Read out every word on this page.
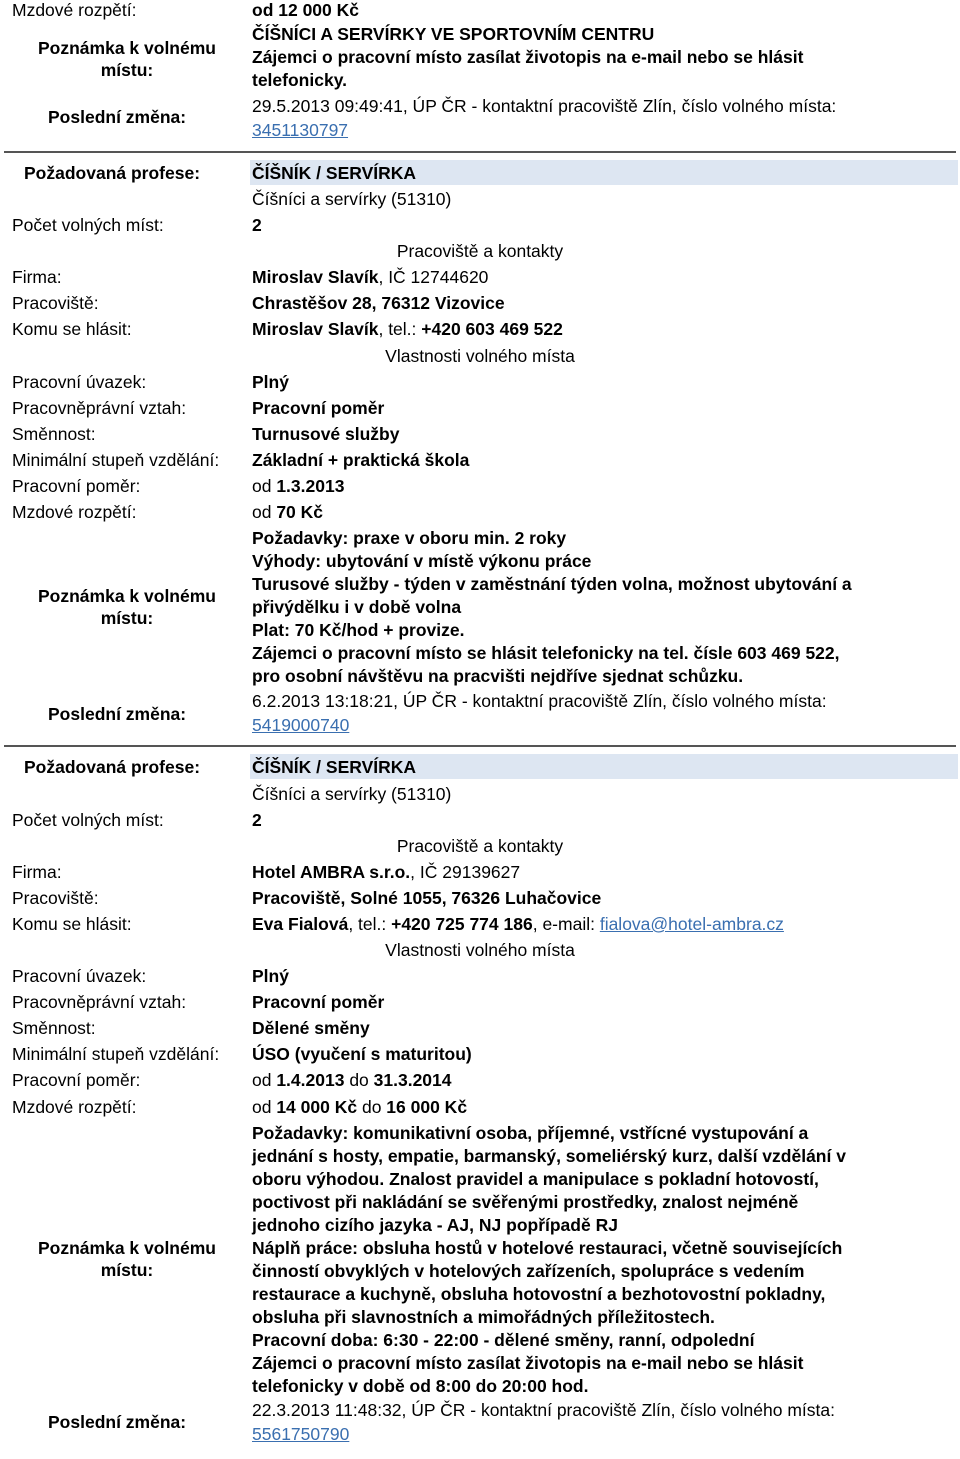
Mzdové rozpětí:	od 12 000 Kč
Poznámka k volnému
místu:
ČÍŠNÍCI A SERVÍRKY VE SPORTOVNÍM CENTRU
Zájemci o pracovní místo zasílat životopis na e-mail nebo se hlásit
telefonicky.
Poslední změna:
29.5.2013 09:49:41, ÚP ČR - kontaktní pracoviště Zlín, číslo volného místa:
3451130797
Požadovaná profese:	ČÍŠNÍK / SERVÍRKA
Číšníci a servírky (51310)
Počet volných míst:	2
Pracoviště a kontakty
Firma:	Miroslav Slavík, IČ 12744620
Pracoviště:	Chrastěšov 28, 76312 Vizovice
Komu se hlásit:	Miroslav Slavík, tel.: +420 603 469 522
Vlastnosti volného místa
Pracovní úvazek:	Plný
Pracovněprávní vztah:	Pracovní poměr
Směnnost:	Turnusové služby
Minimální stupeň vzdělání: Základní + praktická škola
Pracovní poměr:	od 1.3.2013
Mzdové rozpětí:	od 70 Kč
Poznámka k volnému
místu:
Požadavky: praxe v oboru min. 2 roky
Výhody: ubytování v místě výkonu práce
Turusové služby - týden v zaměstnání týden volna, možnost ubytování a
přivýdělku i v době volna
Plat: 70 Kč/hod + provize.
Zájemci o pracovní místo se hlásit telefonicky na tel. čísle 603 469 522,
pro osobní návštěvu na pracvišti nejdříve sjednat schůzku.
Poslední změna:
6.2.2013 13:18:21, ÚP ČR - kontaktní pracoviště Zlín, číslo volného místa:
5419000740
Požadovaná profese:	ČÍŠNÍK / SERVÍRKA
Číšníci a servírky (51310)
Počet volných míst:	2
Pracoviště a kontakty
Firma:	Hotel AMBRA s.r.o., IČ 29139627
Pracoviště:	Pracoviště, Solné 1055, 76326 Luhačovice
Komu se hlásit:	Eva Fialová, tel.: +420 725 774 186, e-mail: fialova@hotel-ambra.cz
Vlastnosti volného místa
Pracovní úvazek:	Plný
Pracovněprávní vztah:	Pracovní poměr
Směnnost:	Dělené směny
Minimální stupeň vzdělání: ÚSO (vyučení s maturitou)
Pracovní poměr:	od 1.4.2013 do 31.3.2014
Mzdové rozpětí:	od 14 000 Kč do 16 000 Kč
Poznámka k volnému
místu:
Požadavky: komunikativní osoba, příjemné, vstřícné vystupování a
jednání s hosty, empatie, barmanský, someliérský kurz, další vzdělání v
oboru výhodou. Znalost pravidel a manipulace s pokladní hotovostí,
poctivost při nakládání se svěřenými prostředky, znalost nejméně
jednoho cizího jazyka - AJ, NJ popřípadě RJ
Náplň práce: obsluha hostů v hotelové restauraci, včetně souvisejících
činností obvyklých v hotelových zařízeních, spolupráce s vedením
restaurace a kuchyně, obsluha hotovostní a bezhotovostní pokladny,
obsluha při slavnostních a mimořádných příležitostech.
Pracovní doba: 6:30 - 22:00 - dělené směny, ranní, odpolední
Zájemci o pracovní místo zasílat životopis na e-mail nebo se hlásit
telefonicky v době od 8:00 do 20:00 hod.
Poslední změna:
22.3.2013 11:48:32, ÚP ČR - kontaktní pracoviště Zlín, číslo volného místa:
5561750790
